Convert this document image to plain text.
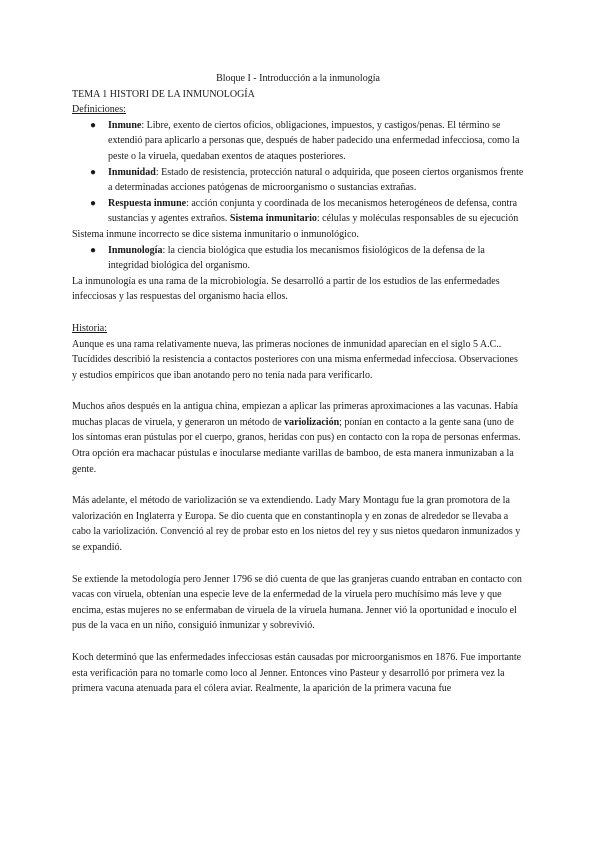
Bloque I - Introducción a la inmunología
TEMA 1 HISTORI DE LA INMUNOLOGÍA

Definiciones:

● Inmune: Libre, exento de ciertos oficios, obligaciones, impuestos, y castigos/penas. El término se extendió para aplicarlo a personas que, después de haber padecido una enfermedad infecciosa, como la peste o la viruela, quedaban exentos de ataques posteriores.
● Inmunidad: Estado de resistencia, protección natural o adquirida, que poseen ciertos organismos frente a determinadas acciones patógenas de microorganismo o sustancias extrañas.
● Respuesta inmune: acción conjunta y coordinada de los mecanismos heterogéneos de defensa, contra sustancias y agentes extraños. Sistema inmunitario: células y moléculas responsables de su ejecución

Sistema inmune incorrecto se dice sistema inmunitario o inmunológico.

● Inmunología: la ciencia biológica que estudia los mecanismos fisiológicos de la defensa de la integridad biológica del organismo.

La inmunología es una rama de la microbiología. Se desarrolló a partir de los estudios de las enfermedades infecciosas y las respuestas del organismo hacia ellos.

Historia:

Aunque es una rama relativamente nueva, las primeras nociones de inmunidad aparecían en el siglo 5 A.C.. Tucídides describió la resistencia a contactos posteriores con una misma enfermedad infecciosa. Observaciones y estudios empíricos que iban anotando pero no tenía nada para verificarlo.

Muchos años después en la antigua china, empiezan a aplicar las primeras aproximaciones a las vacunas. Había muchas placas de viruela, y generaron un método de variolización; ponían en contacto a la gente sana (uno de los síntomas eran pústulas por el cuerpo, granos, heridas con pus) en contacto con la ropa de personas enfermas. Otra opción era machacar pústulas e inocularse mediante varillas de bamboo, de esta manera inmunizaban a la gente.

Más adelante, el método de variolización se va extendiendo. Lady Mary Montagu fue la gran promotora de la valorización en Inglaterra y Europa. Se dio cuenta que en constantinopla y en zonas de alrededor se llevaba a cabo la variolización. Convenció al rey de probar esto en los nietos del rey y sus nietos quedaron inmunizados y se expandió.

Se extiende la metodología pero Jenner 1796 se dió cuenta de que las granjeras cuando entraban en contacto con vacas con viruela, obtenían una especie leve de la enfermedad de la viruela pero muchísimo más leve y que encima, estas mujeres no se enfermaban de viruela de la viruela humana. Jenner vió la oportunidad e inoculo el pus de la vaca en un niño, consiguió inmunizar y sobrevivió.

Koch determinó que las enfermedades infecciosas están causadas por microorganismos en 1876. Fue importante esta verificación para no tomarle como loco al Jenner. Entonces vino Pasteur y desarrolló por primera vez la primera vacuna atenuada para el cólera aviar. Realmente, la aparición de la primera vacuna fue
